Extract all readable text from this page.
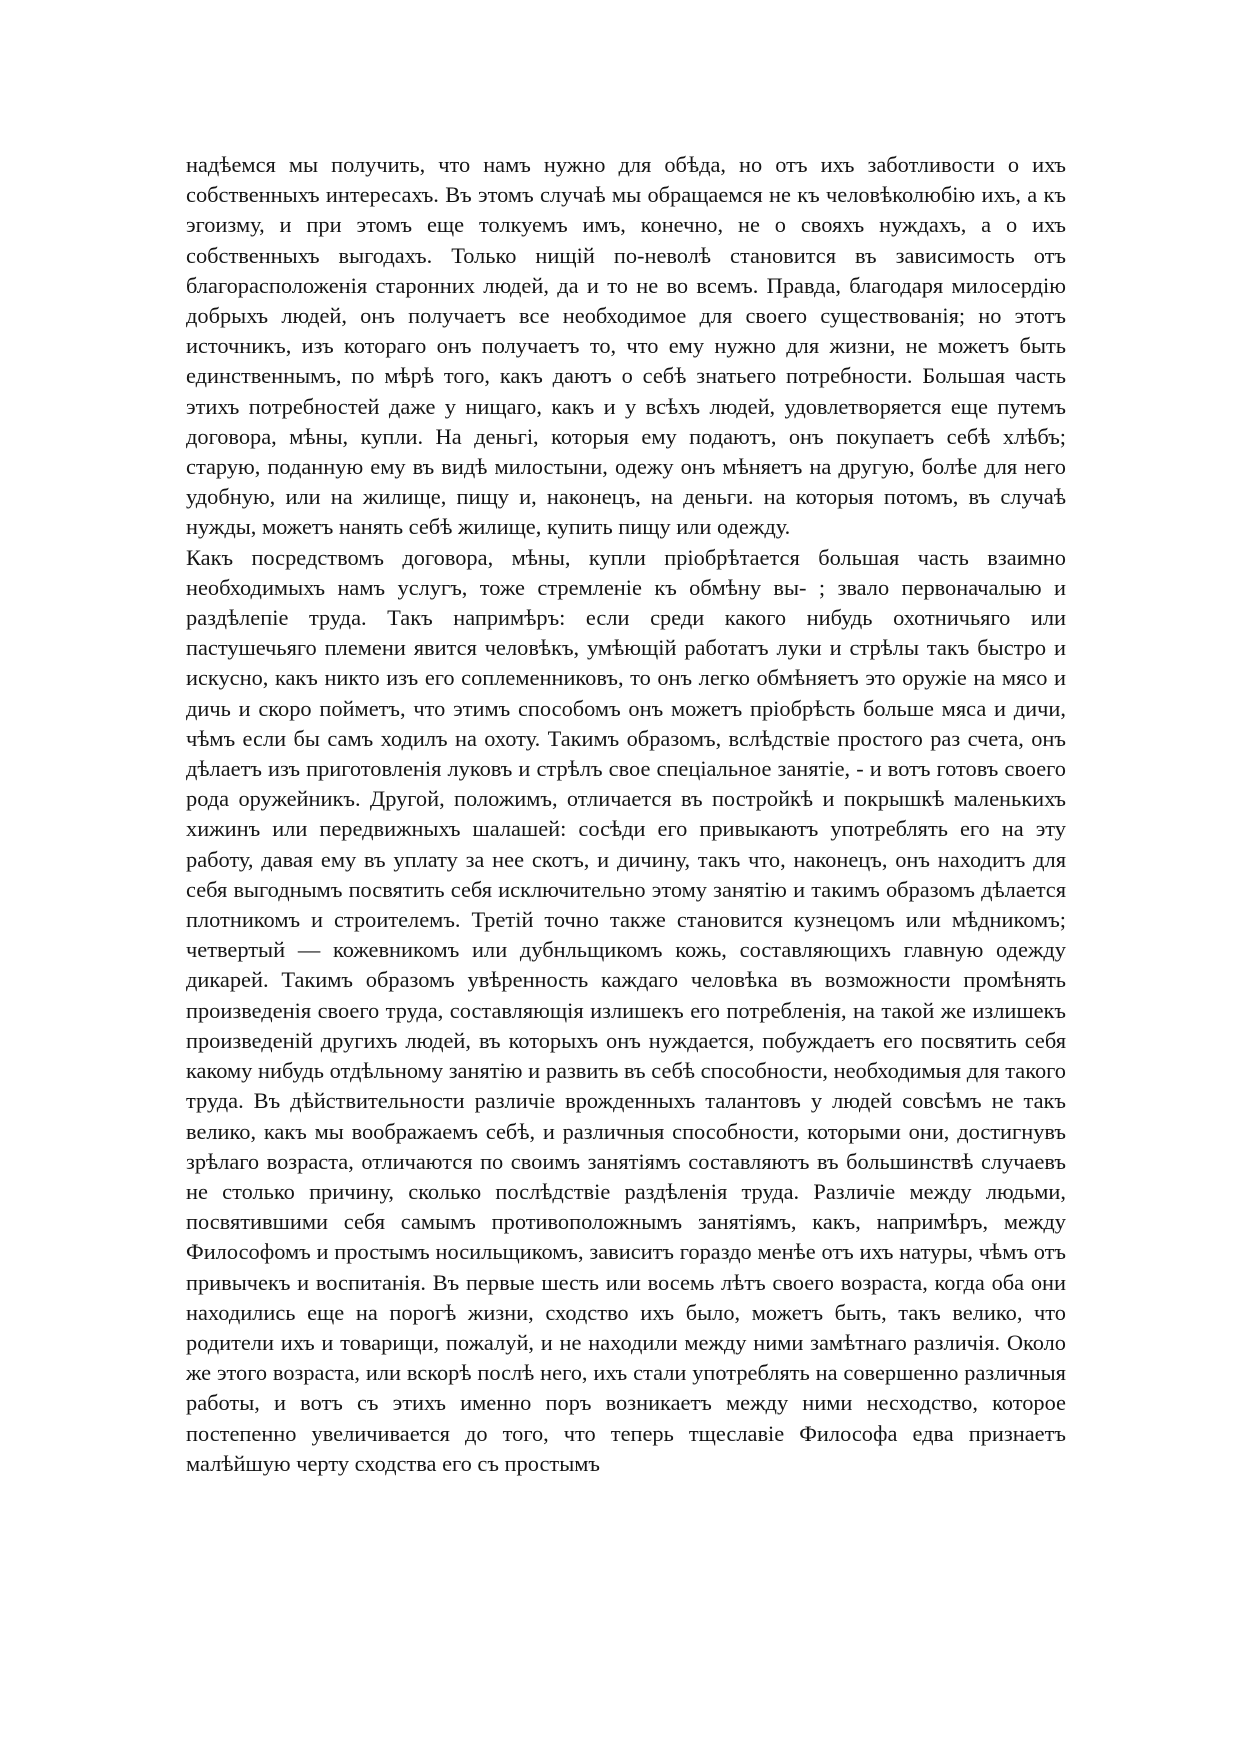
надѣемся мы получить, что намъ нужно для обѣда, но отъ ихъ заботливости о ихъ собственныхъ интересахъ. Въ этомъ случаѣ мы обращаемся не къ человѣколюбію ихъ, а къ эгоизму, и при этомъ еще толкуемъ имъ, конечно, не о свояхъ нуждахъ, а о ихъ собственныхъ выгодахъ. Только нищій по-неволѣ становится въ зависимость отъ благорасположенія старонних людей, да и то не во всемъ. Правда, благодаря милосердію добрыхъ людей, онъ получаетъ все необходимое для своего существованія; но этотъ источникъ, изъ котораго онъ получаетъ то, что ему нужно для жизни, не можетъ быть единственнымъ, по мѣрѣ того, какъ даютъ о себѣ знатьего потребности. Большая часть этихъ потребностей даже у нищаго, какъ и у всѣхъ людей, удовлетворяется еще путемъ договора, мѣны, купли. На деньгі, которыя ему подаютъ, онъ покупаетъ себѣ хлѣбъ; старую, поданную ему въ видѣ милостыни, одежу онъ мѣняетъ на другую, болѣе для него удобную, или на жилище, пищу и, наконецъ, на деньги. на которыя потомъ, въ случаѣ нужды, можетъ нанять себѣ жилище, купить пищу или одежду.

Какъ посредствомъ договора, мѣны, купли пріобрѣтается большая часть взаимно необходимыхъ намъ услугъ, тоже стремленіе къ обмѣну вы- ; звало первоначалыю и раздѣлепіе труда. Такъ напримѣръ: если среди какого нибудь охотничьяго или пастушечьяго племени явится человѣкъ, умѣющій работатъ луки и стрѣлы такъ быстро и искусно, какъ никто изъ его соплеменниковъ, то онъ легко обмѣняетъ это оружіе на мясо и дичь и скоро пойметъ, что этимъ способомъ онъ можетъ пріобрѣсть больше мяса и дичи, чѣмъ если бы самъ ходилъ на охоту. Такимъ образомъ, вслѣдствіе простого раз счета, онъ дѣлаетъ изъ приготовленія луковъ и стрѣлъ свое спеціальное занятіе, - и вотъ готовъ своего рода оружейникъ. Другой, положимъ, отличается въ постройкѣ и покрышкѣ маленькихъ хижинъ или передвижныхъ шалашей: сосѣди его привыкаютъ употреблять его на эту работу, давая ему въ уплату за нее скотъ, и дичину, такъ что, наконецъ, онъ находитъ для себя выгоднымъ посвятить себя исключительно этому занятію и такимъ образомъ дѣлается плотникомъ и строителемъ. Третій точно также становится кузнецомъ или мѣдникомъ; четвертый — кожевникомъ или дубнльщикомъ кожь, составляющихъ главную одежду дикарей. Такимъ образомъ увѣренность каждаго человѣка въ возможности промѣнять произведенія своего труда, составляющія излишекъ его потребленія, на такой же излишекъ произведеній другихъ людей, въ которыхъ онъ нуждается, побуждаетъ его посвятить себя какому нибудь отдѣльному занятію и развить въ себѣ способности, необходимыя для такого труда. Въ дѣйствительности различіе врожденныхъ талантовъ у людей совсѣмъ не такъ велико, какъ мы воображаемъ себѣ, и различныя способности, которыми они, достигнувъ зрѣлаго возраста, отличаются по своимъ занятіямъ составляютъ въ большинствѣ случаевъ не столько причину, сколько послѣдствіе раздѣленія труда. Различіе между людьми, посвятившими себя самымъ противоположнымъ занятіямъ, какъ, напримѣръ, между Философомъ и простымъ носильщикомъ, зависитъ гораздо менѣе отъ ихъ натуры, чѣмъ отъ привычекъ и воспитанія. Въ первые шесть или восемь лѣтъ своего возраста, когда оба они находились еще на порогѣ жизни, сходство ихъ было, можетъ быть, такъ велико, что родители ихъ и товарищи, пожалуй, и не находили между ними замѣтнаго различія. Около же этого возраста, или вскорѣ послѣ него, ихъ стали употреблять на совершенно различныя работы, и вотъ съ этихъ именно поръ возникаетъ между ними несходство, которое постепенно увеличивается до того, что теперь тщеславіе Философа едва признаетъ малѣйшую черту сходства его съ простымъ
